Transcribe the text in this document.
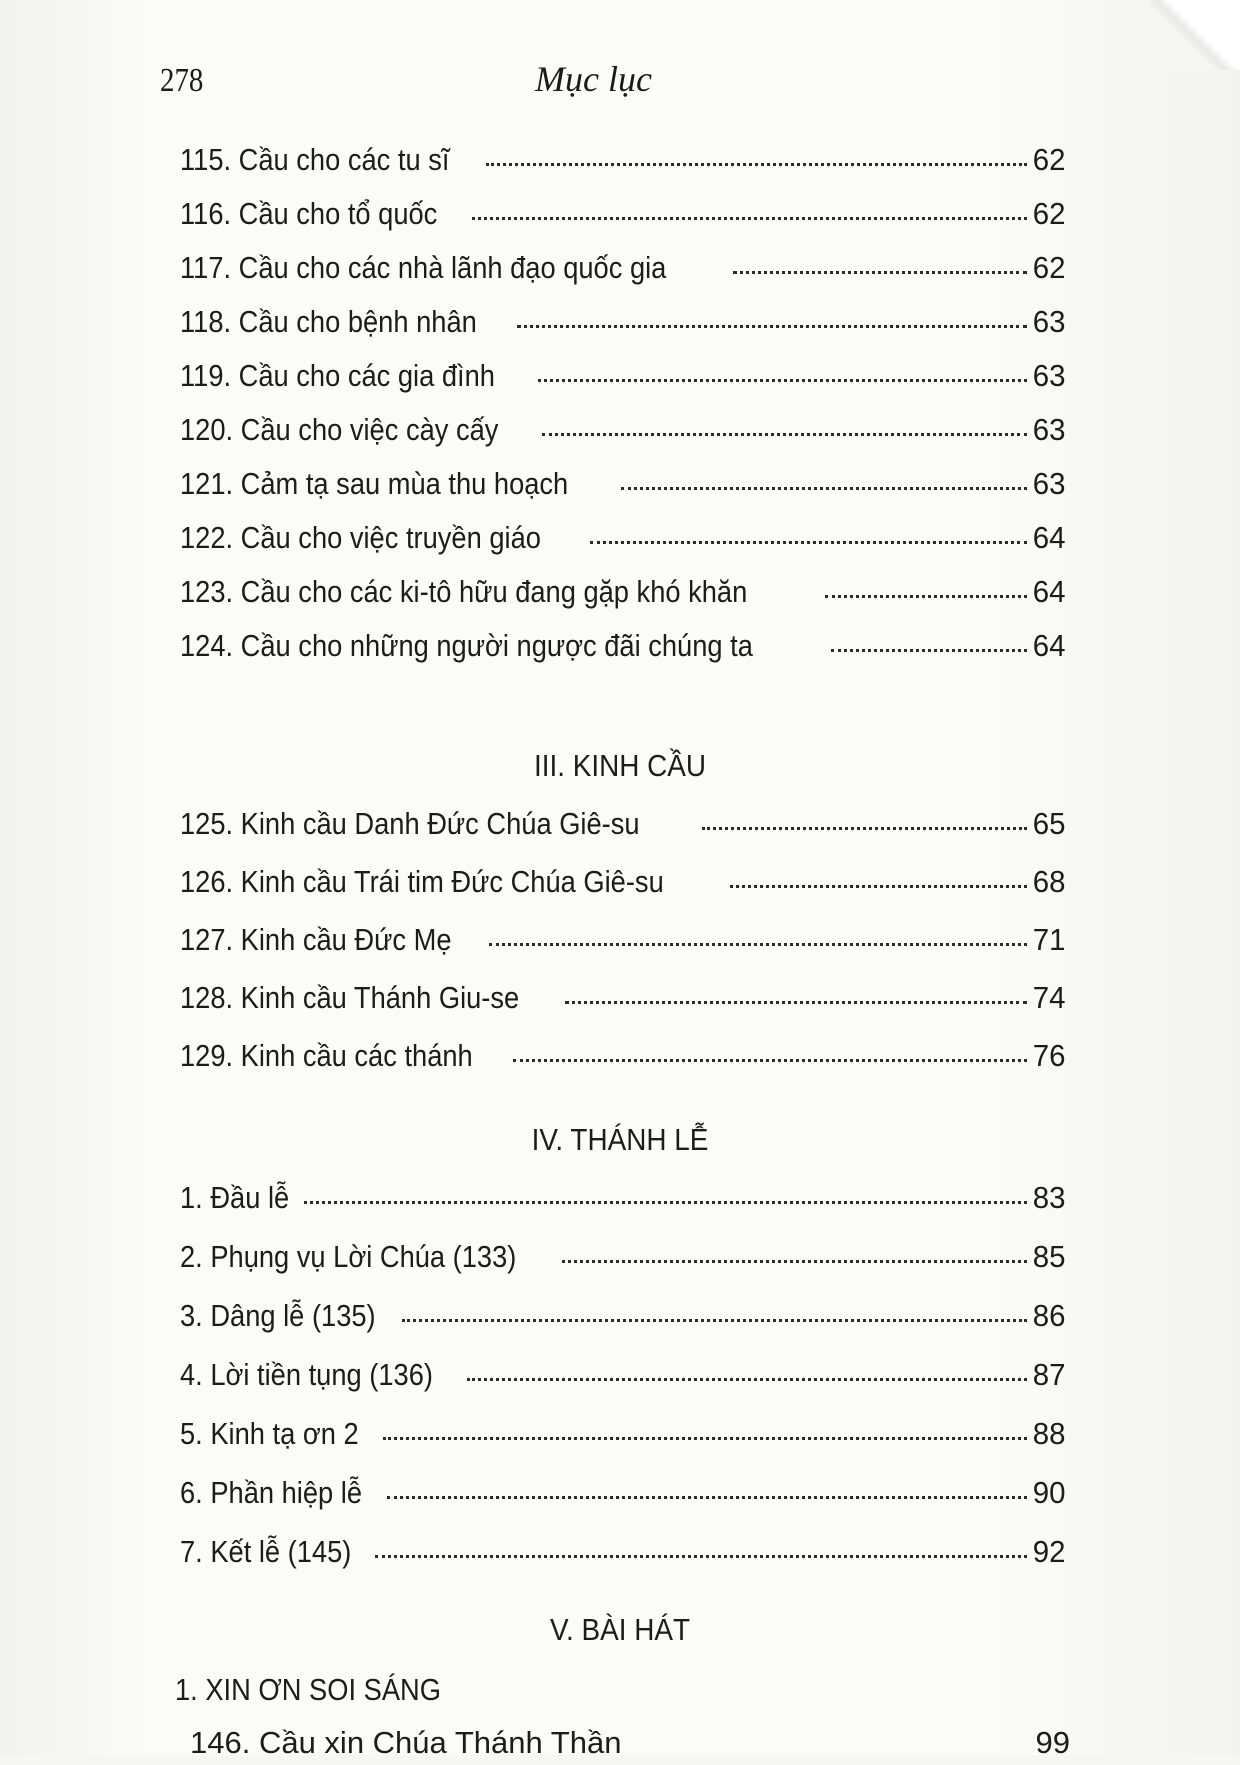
278	Mục lục
115. Cầu cho các tu sĩ	62
116. Cầu cho tổ quốc	62
117. Cầu cho các nhà lãnh đạo quốc gia	62
118. Cầu cho bệnh nhân	63
119. Cầu cho các gia đình	63
120. Cầu cho việc cày cấy	63
121. Cảm tạ sau mùa thu hoạch	63
122. Cầu cho việc truyền giáo	64
123. Cầu cho các ki-tô hữu đang gặp khó khăn	64
124. Cầu cho những người ngược đãi chúng ta	64
III. KINH CẦU
125. Kinh cầu Danh Đức Chúa Giê-su	65
126. Kinh cầu Trái tim Đức Chúa Giê-su	68
127. Kinh cầu Đức Mẹ	71
128. Kinh cầu Thánh Giu-se	74
129. Kinh cầu các thánh	76
IV. THÁNH LỄ
1. Đầu lễ	83
2. Phụng vụ Lời Chúa (133)	85
3. Dâng lễ (135)	86
4. Lời tiền tụng (136)	87
5. Kinh tạ ơn 2	88
6. Phần hiệp lễ	90
7. Kết lễ (145)	92
V. BÀI HÁT
1. XIN ƠN SOI SÁNG
146. Cầu xin Chúa Thánh Thần	99
